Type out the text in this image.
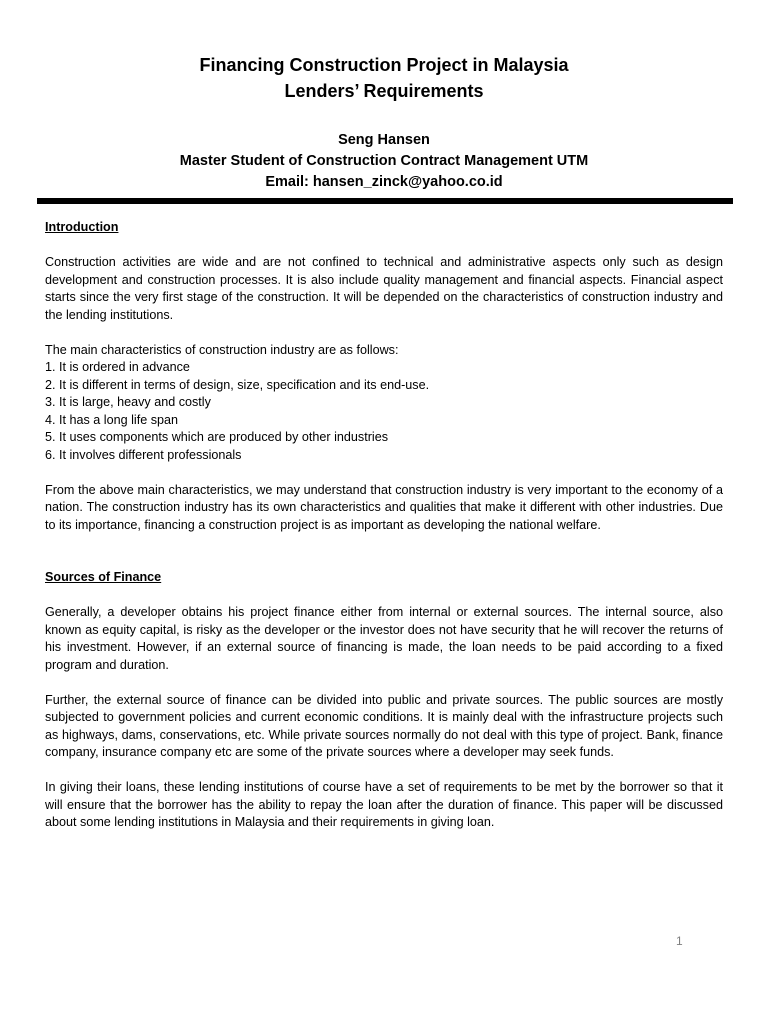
Financing Construction Project in Malaysia

Lenders’ Requirements

Seng Hansen

Master Student of Construction Contract Management UTM

Email: hansen_zinck@yahoo.co.id

Introduction

Construction activities are wide and are not confined to technical and administrative aspects only such as design development and construction processes. It is also include quality management and financial aspects. Financial aspect starts since the very first stage of the construction. It will be depended on the characteristics of construction industry and the lending institutions.

The main characteristics of construction industry are as follows:

1. It is ordered in advance
2. It is different in terms of design, size, specification and its end-use.
3. It is large, heavy and costly
4. It has a long life span
5. It uses components which are produced by other industries
6. It involves different professionals

From the above main characteristics, we may understand that construction industry is very important to the economy of a nation. The construction industry has its own characteristics and qualities that make it different with other industries. Due to its importance, financing a construction project is as important as developing the national welfare.

Sources of Finance

Generally, a developer obtains his project finance either from internal or external sources. The internal source, also known as equity capital, is risky as the developer or the investor does not have security that he will recover the returns of his investment. However, if an external source of financing is made, the loan needs to be paid according to a fixed program and duration.

Further, the external source of finance can be divided into public and private sources. The public sources are mostly subjected to government policies and current economic conditions. It is mainly deal with the infrastructure projects such as highways, dams, conservations, etc. While private sources normally do not deal with this type of project. Bank, finance company, insurance company etc are some of the private sources where a developer may seek funds.

In giving their loans, these lending institutions of course have a set of requirements to be met by the borrower so that it will ensure that the borrower has the ability to repay the loan after the duration of finance. This paper will be discussed about some lending institutions in Malaysia and their requirements in giving loan.

1
